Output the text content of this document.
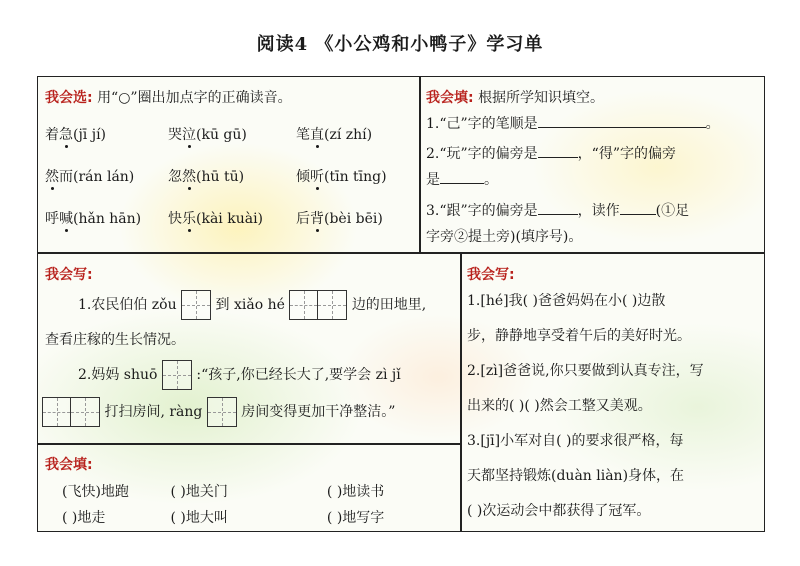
阅读4 《小公鸡和小鸭子》学习单
我会选: 用“○”圈出加点字的正确读音。
着急(jī jí)	哭泣(kū gū)	笔直(zí zhí)
然而(rán lán) 忽然(hū tū)	倾听(tīn tīng)
呼喊(hǎn hān) 快乐(kài kuài) 后背(bèi bēi)
我会填: 根据所学知识填空。
1.“己”字的笔顺是	。
2.“玩”字的偏旁是	，“得”字的偏旁
是	。
3.“跟”字的偏旁是	，读作	(①足
字旁②提土旁)(填序号)。
我会写:
1.农民伯伯 zǒu	到 xiǎo hé	边的田地里,
查看庄稼的生长情况。
2.妈妈 shuō	:“孩子,你已经长大了,要学会 zì jǐ
打扫房间, ràng	房间变得更加干净整洁。”
我会写:
1.[hé]我( )爸爸妈妈在小( )边散
步，静静地享受着午后的美好时光。
2.[zì]爸爸说,你只要做到认真专注，写
出来的( )( )然会工整又美观。
3.[jī]小军对自( )的要求很严格，每
天都坚持锻炼(duàn liàn)身体，在
( )次运动会中都获得了冠军。
我会填:
(飞快)地跑	( )地关门	( )地读书
( )地走	( )地大叫	( )地写字
